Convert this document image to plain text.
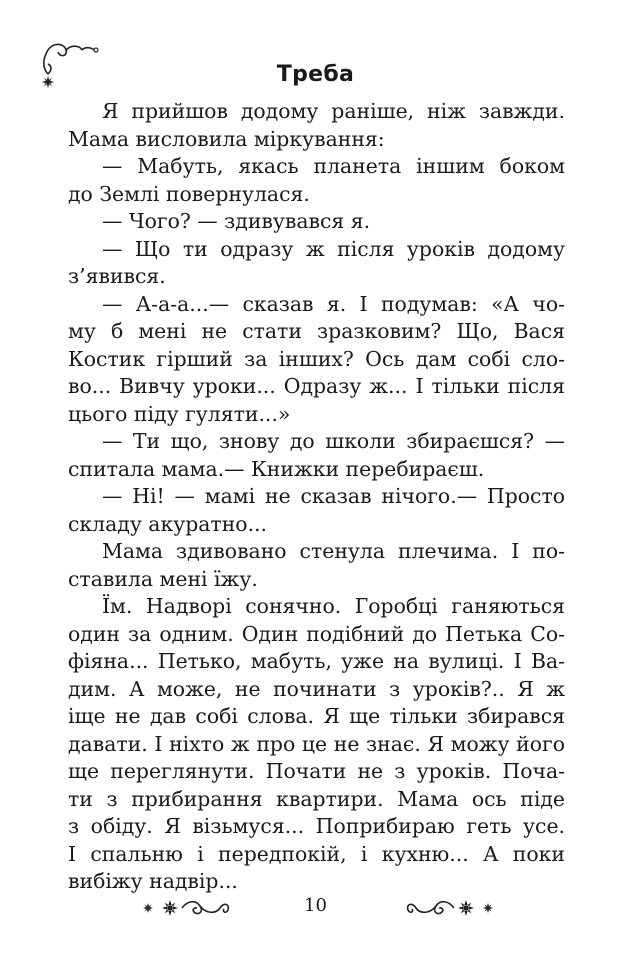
Треба
Я прийшов додому раніше, ніж завжди.
Мама висловила міркування:
— Мабуть, якась планета іншим боком
до Землі повернулася.
— Чого? — здивувався я.
— Що ти одразу ж після уроків додому
з’явився.
— А-а-а...— сказав я. І подумав: «А чо-
му б мені не стати зразковим? Що, Вася
Костик гірший за інших? Ось дам собі сло-
во... Вивчу уроки... Одразу ж... І тільки після
цього піду гуляти...»
— Ти що, знову до школи збираєшся? —
спитала мама.— Книжки перебираєш.
— Ні! — мамі не сказав нічого.— Просто
складу акуратно...
Мама здивовано стенула плечима. І по-
ставила мені їжу.
Їм. Надворі сонячно. Горобці ганяються
один за одним. Один подібний до Петька Со-
фіяна... Петько, мабуть, уже на вулиці. І Ва-
дим. А може, не починати з уроків?.. Я ж
іще не дав собі слова. Я ще тільки збирався
давати. І ніхто ж про це не знає. Я можу його
ще переглянути. Почати не з уроків. Почa-
ти з прибирання квартири. Мама ось піде
з обіду. Я візьмуся... Поприбираю геть усе.
І спальню і передпокій, і кухню... А поки
вибіжу надвір...
10
